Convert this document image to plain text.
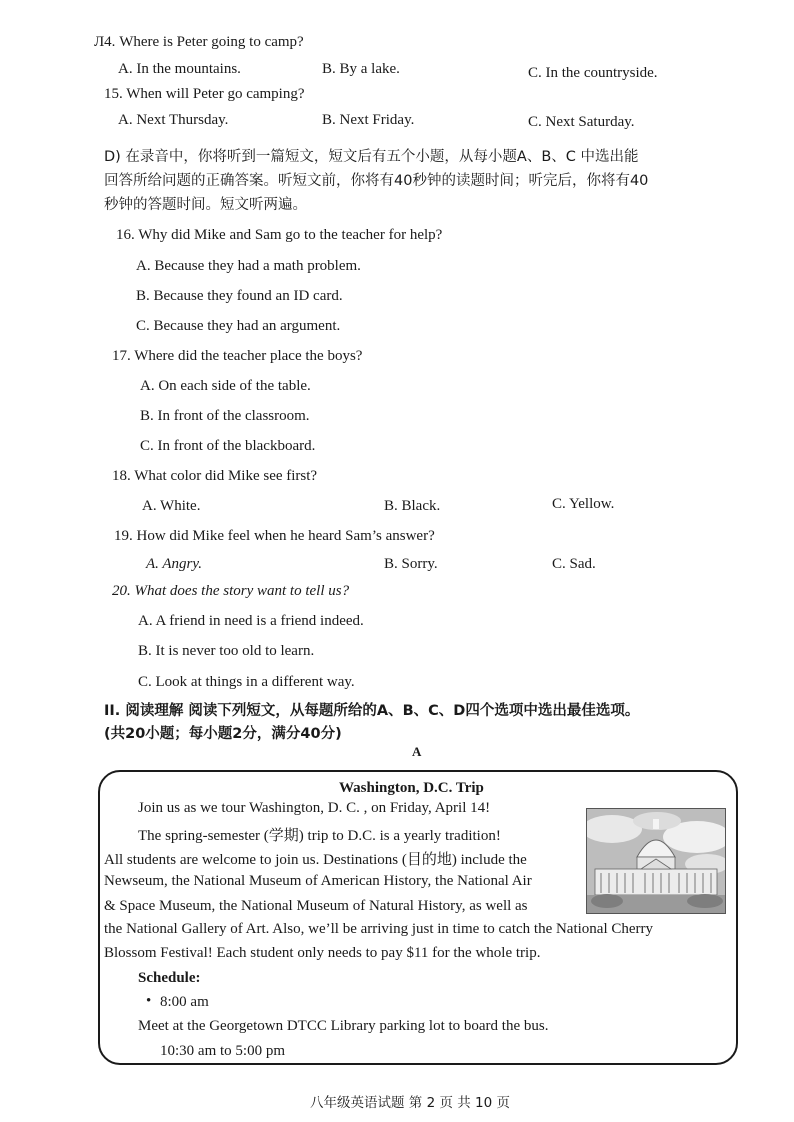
Л4. Where is Peter going to camp?
A. In the mountains.	B. By a lake.	C. In the countryside.
15. When will Peter go camping?
A. Next Thursday.	B. Next Friday.	C. Next Saturday.
D) 在录音中，你将听到一篇短文，短文后有五个小题，从每小题A、B、C 中选出能
回答所给问题的正确答案。听短文前，你将有40秒钟的读题时间；听完后，你将有40
秒钟的答题时间。短文听两遍。
16. Why did Mike and Sam go to the teacher for help?
A. Because they had a math problem.
B. Because they found an ID card.
C. Because they had an argument.
17. Where did the teacher place the boys?
A. On each side of the table.
B. In front of the classroom.
C. In front of the blackboard.
18. What color did Mike see first?
A. White.	B. Black.	C. Yellow.
19. How did Mike feel when he heard Sam’s answer?
A. Angry.	B. Sorry.	C. Sad.
20. What does the story want to tell us?
A. A friend in need is a friend indeed.
B. It is never too old to learn.
C. Look at things in a different way.
II. 阅读理解 阅读下列短文，从每题所给的A、B、C、D四个选项中选出最佳选项。
(共20小题；每小题2分，满分40分)
A
Washington, D.C. Trip
Join us as we tour Washington, D. C. , on Friday, April 14!
The spring-semester (学期) trip to D.C. is a yearly tradition!
All students are welcome to join us. Destinations (目的地) include the
Newseum, the National Museum of American History, the National Air
& Space Museum, the National Museum of Natural History, as well as
the National Gallery of Art. Also, we’ll be arriving just in time to catch the National Cherry
Blossom Festival! Each student only needs to pay $11 for the whole trip.
Schedule:
• 8:00 am
Meet at the Georgetown DTCC Library parking lot to board the bus.
10:30 am to 5:00 pm
八年级英语试题 第 2 页 共 10 页
